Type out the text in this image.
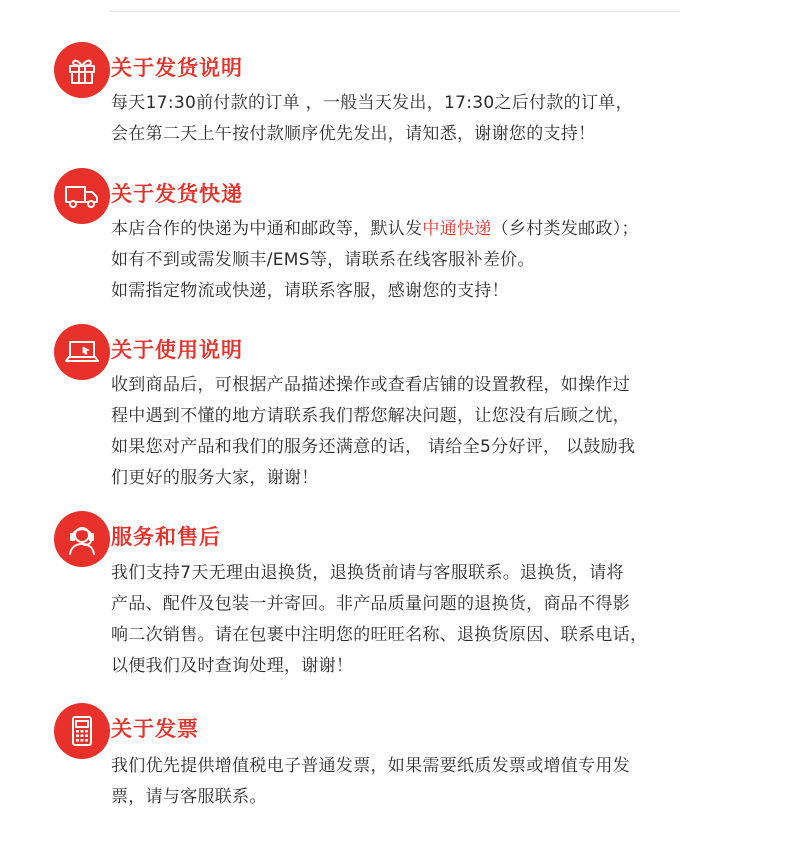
关于发货说明
每天17:30前付款的订单 ，一般当天发出，17:30之后付款的订单，
会在第二天上午按付款顺序优先发出，请知悉，谢谢您的支持！
关于发货快递
本店合作的快递为中通和邮政等，默认发中通快递（乡村类发邮政）；
如有不到或需发顺丰/EMS等，请联系在线客服补差价。
如需指定物流或快递，请联系客服，感谢您的支持！
关于使用说明
收到商品后，可根据产品描述操作或查看店铺的设置教程，如操作过
程中遇到不懂的地方请联系我们帮您解决问题，让您没有后顾之忧，
如果您对产品和我们的服务还满意的话， 请给全5分好评， 以鼓励我
们更好的服务大家，谢谢！
服务和售后
我们支持7天无理由退换货，退换货前请与客服联系。退换货，请将
产品、配件及包装一并寄回。非产品质量问题的退换货，商品不得影
响二次销售。请在包裹中注明您的旺旺名称、退换货原因、联系电话，
以便我们及时查询处理，谢谢！
关于发票
我们优先提供增值税电子普通发票，如果需要纸质发票或增值专用发
票，请与客服联系。
